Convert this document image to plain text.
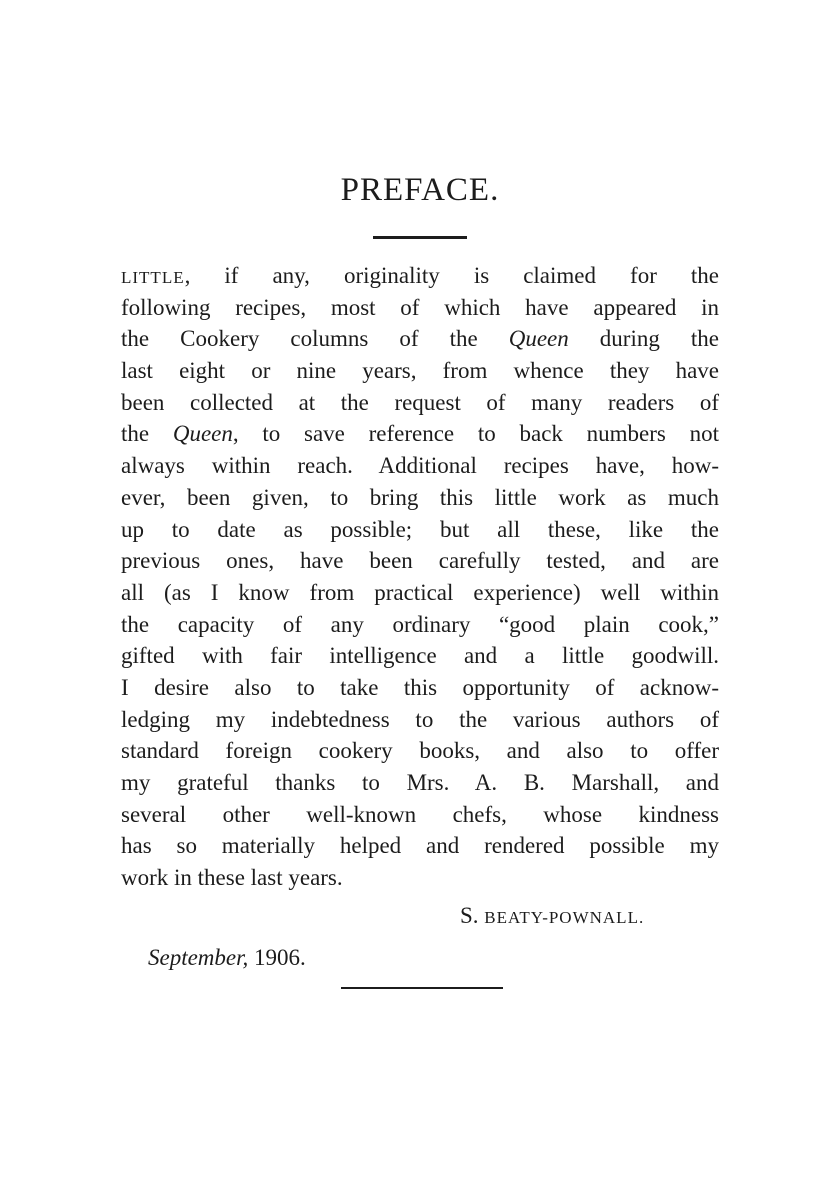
PREFACE.
LITTLE, if any, originality is claimed for the
following recipes, most of which have appeared in
the Cookery columns of the Queen during the
last eight or nine years, from whence they have
been collected at the request of many readers of
the Queen, to save reference to back numbers not
always within reach. Additional recipes have, how-
ever, been given, to bring this little work as much
up to date as possible; but all these, like the
previous ones, have been carefully tested, and are
all (as I know from practical experience) well within
the capacity of any ordinary “good plain cook,”
gifted with fair intelligence and a little goodwill.
I desire also to take this opportunity of acknow-
ledging my indebtedness to the various authors of
standard foreign cookery books, and also to offer
my grateful thanks to Mrs. A. B. Marshall, and
several other well-known chefs, whose kindness
has so materially helped and rendered possible my
work in these last years.
S. BEATY-POWNALL.
September, 1906.
